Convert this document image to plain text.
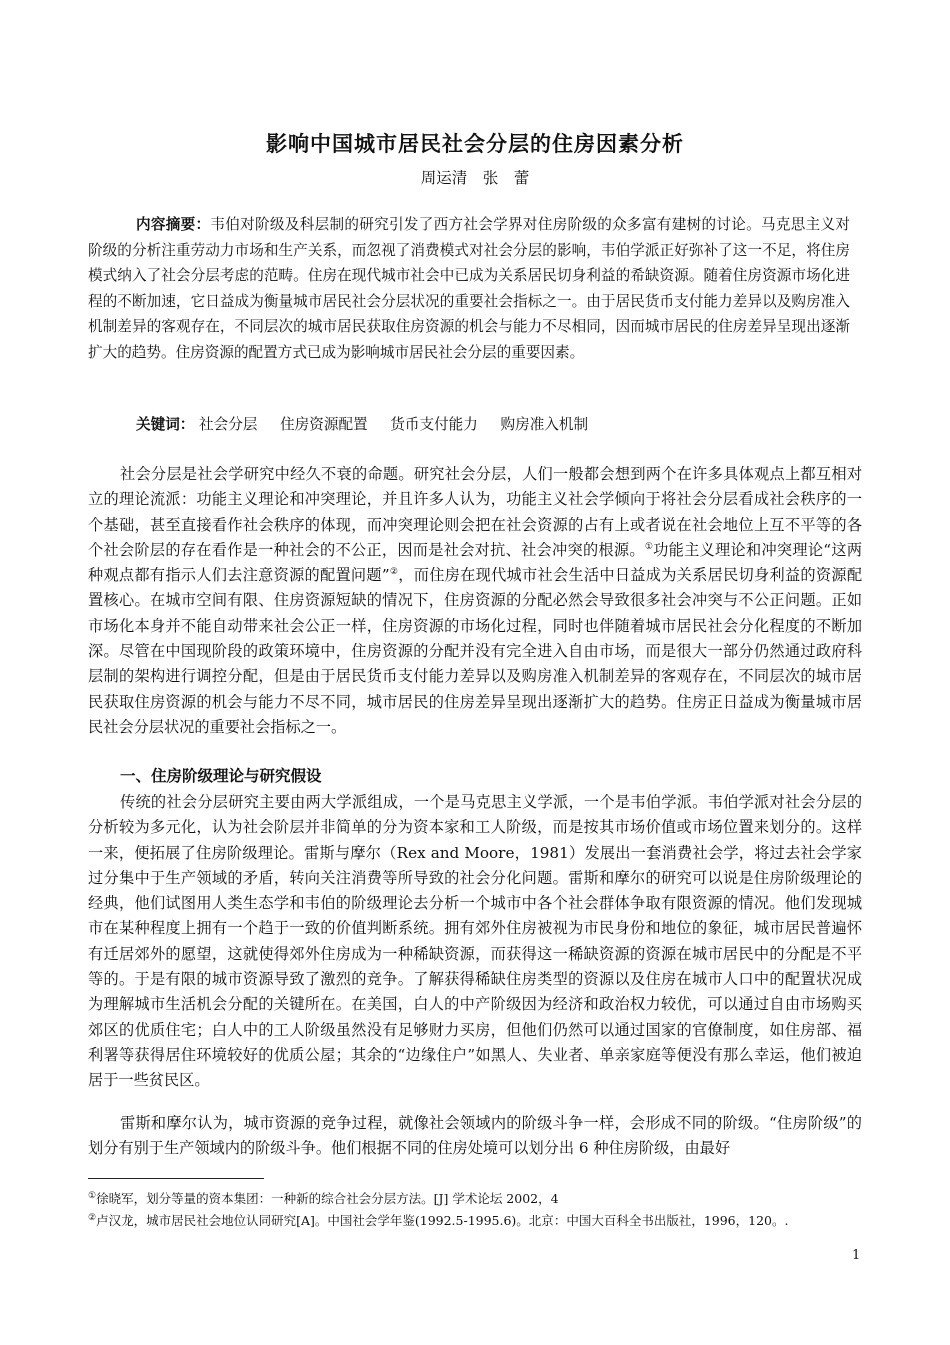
影响中国城市居民社会分层的住房因素分析
周运清　张　蕾
内容摘要：韦伯对阶级及科层制的研究引发了西方社会学界对住房阶级的众多富有建树的讨论。马克思主义对阶级的分析注重劳动力市场和生产关系，而忽视了消费模式对社会分层的影响，韦伯学派正好弥补了这一不足，将住房模式纳入了社会分层考虑的范畴。住房在现代城市社会中已成为关系居民切身利益的希缺资源。随着住房资源市场化进程的不断加速，它日益成为衡量城市居民社会分层状况的重要社会指标之一。由于居民货币支付能力差异以及购房准入机制差异的客观存在，不同层次的城市居民获取住房资源的机会与能力不尽相同，因而城市居民的住房差异呈现出逐渐扩大的趋势。住房资源的配置方式已成为影响城市居民社会分层的重要因素。
关键词： 社会分层 住房资源配置 货币支付能力 购房准入机制

社会分层是社会学研究中经久不衰的命题。研究社会分层，人们一般都会想到两个在许多具体观点上都互相对立的理论流派：功能主义理论和冲突理论，并且许多人认为，功能主义社会学倾向于将社会分层看成社会秩序的一个基础，甚至直接看作社会秩序的体现，而冲突理论则会把在社会资源的占有上或者说在社会地位上互不平等的各个社会阶层的存在看作是一种社会的不公正，因而是社会对抗、社会冲突的根源。①功能主义理论和冲突理论“这两种观点都有指示人们去注意资源的配置问题”②，而住房在现代城市社会生活中日益成为关系居民切身利益的资源配置核心。在城市空间有限、住房资源短缺的情况下，住房资源的分配必然会导致很多社会冲突与不公正问题。正如市场化本身并不能自动带来社会公正一样，住房资源的市场化过程，同时也伴随着城市居民社会分化程度的不断加深。尽管在中国现阶段的政策环境中，住房资源的分配并没有完全进入自由市场，而是很大一部分仍然通过政府科层制的架构进行调控分配，但是由于居民货币支付能力差异以及购房准入机制差异的客观存在，不同层次的城市居民获取住房资源的机会与能力不尽不同，城市居民的住房差异呈现出逐渐扩大的趋势。住房正日益成为衡量城市居民社会分层状况的重要社会指标之一。

一、住房阶级理论与研究假设

传统的社会分层研究主要由两大学派组成，一个是马克思主义学派，一个是韦伯学派。韦伯学派对社会分层的分析较为多元化，认为社会阶层并非简单的分为资本家和工人阶级，而是按其市场价值或市场位置来划分的。这样一来，便拓展了住房阶级理论。雷斯与摩尔（Rex and Moore，1981）发展出一套消费社会学，将过去社会学家过分集中于生产领域的矛盾，转向关注消费等所导致的社会分化问题。雷斯和摩尔的研究可以说是住房阶级理论的经典，他们试图用人类生态学和韦伯的阶级理论去分析一个城市中各个社会群体争取有限资源的情况。他们发现城市在某种程度上拥有一个趋于一致的价值判断系统。拥有郊外住房被视为市民身份和地位的象征，城市居民普遍怀有迁居郊外的愿望，这就使得郊外住房成为一种稀缺资源，而获得这一稀缺资源的资源在城市居民中的分配是不平等的。于是有限的城市资源导致了激烈的竞争。了解获得稀缺住房类型的资源以及住房在城市人口中的配置状况成为理解城市生活机会分配的关键所在。在美国，白人的中产阶级因为经济和政治权力较优，可以通过自由市场购买郊区的优质住宅；白人中的工人阶级虽然没有足够财力买房，但他们仍然可以通过国家的官僚制度，如住房部、福利署等获得居住环境较好的优质公屋；其余的“边缘住户”如黑人、失业者、单亲家庭等便没有那么幸运，他们被迫居于一些贫民区。

雷斯和摩尔认为，城市资源的竞争过程，就像社会领域内的阶级斗争一样，会形成不同的阶级。“住房阶级”的划分有别于生产领域内的阶级斗争。他们根据不同的住房处境可以划分出 6 种住房阶级，由最好

①徐晓军，划分等量的资本集团：一种新的综合社会分层方法。[J] 学术论坛 2002，4
②卢汉龙，城市居民社会地位认同研究[A]。中国社会学年鉴(1992.5-1995.6)。北京：中国大百科全书出版社，1996，120。.
1
